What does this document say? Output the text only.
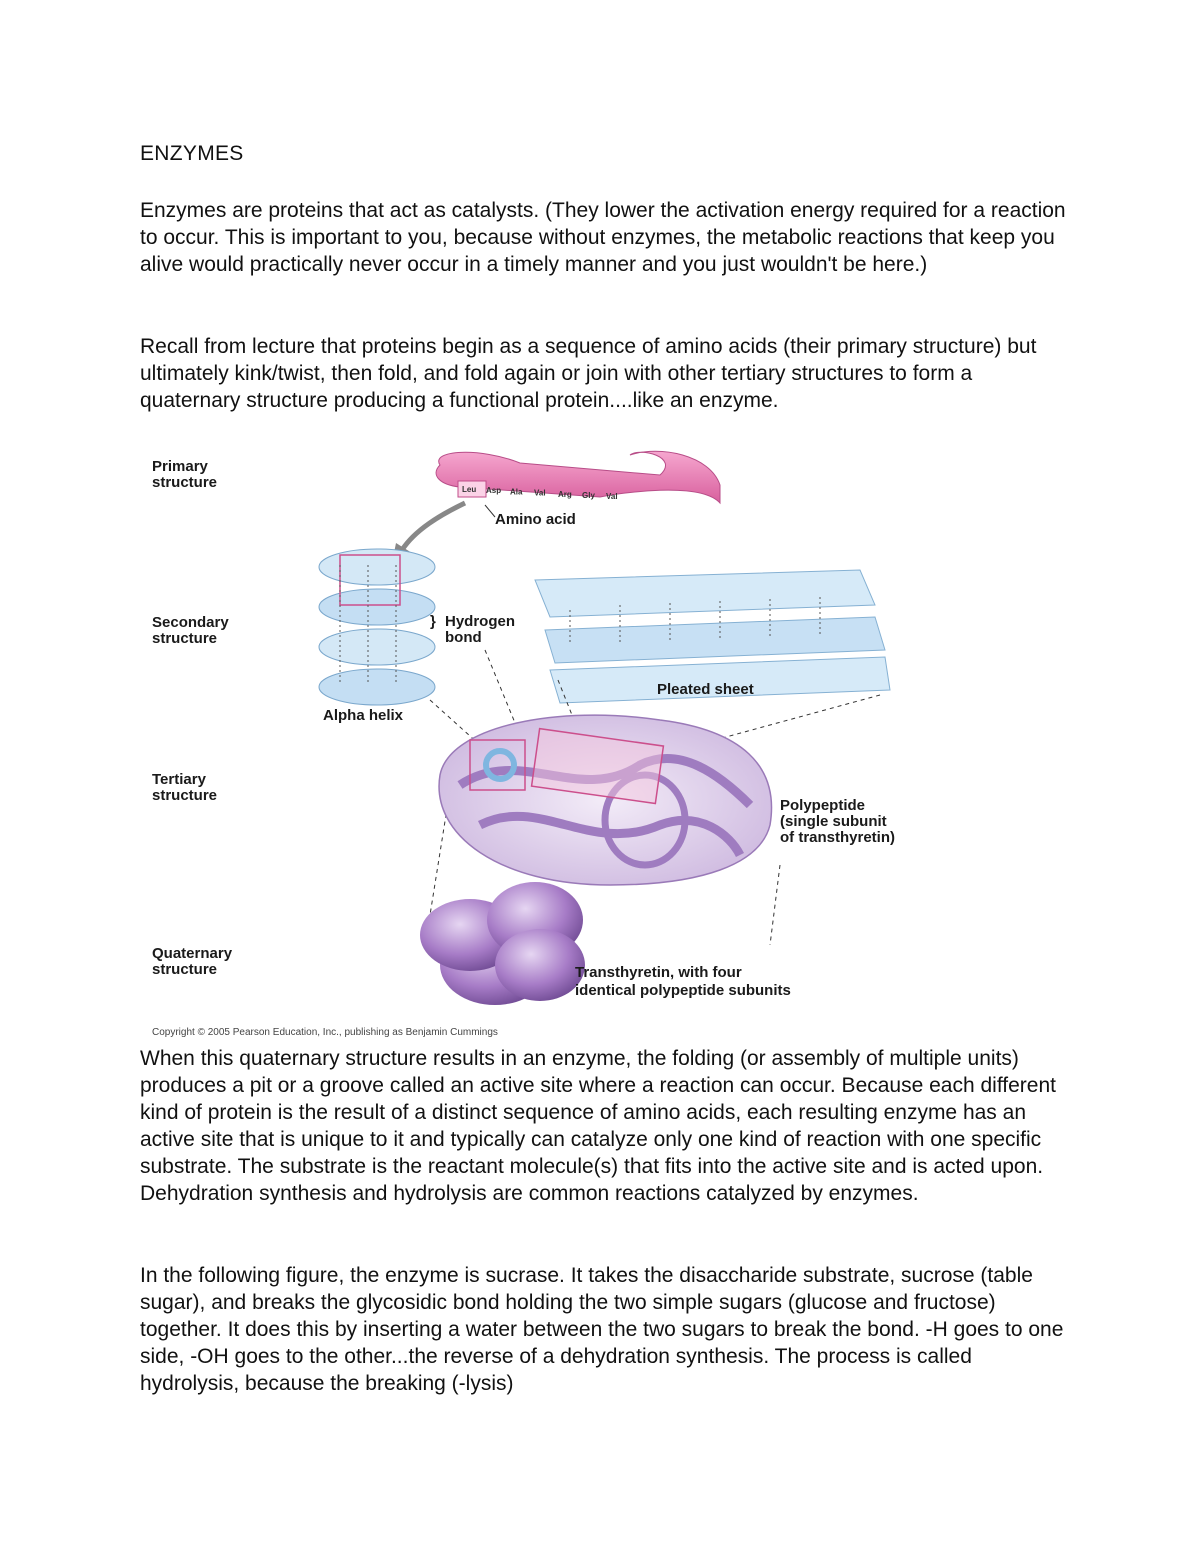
ENZYMES
Enzymes are proteins that act as catalysts. (They lower the activation energy required for a reaction to occur. This is important to you, because without enzymes, the metabolic reactions that keep you alive would practically never occur in a timely manner and you just wouldn't be here.)
Recall from lecture that proteins begin as a sequence of amino acids (their primary structure) but ultimately kink/twist, then fold, and fold again or join with other tertiary structures to form a quaternary structure producing a functional protein....like an enzyme.
Primary structure
Secondary structure
Tertiary structure
Quaternary structure
Leu Asp Ala Val Arg Gly Val
Amino acid
} Hydrogen bond
Alpha helix
Pleated sheet
Polypeptide (single subunit of transthyretin)
Transthyretin, with four identical polypeptide subunits
Copyright © 2005 Pearson Education, Inc., publishing as Benjamin Cummings
When this quaternary structure results in an enzyme, the folding (or assembly of multiple units) produces a pit or a groove called an active site where a reaction can occur. Because each different kind of protein is the result of a distinct sequence of amino acids, each resulting enzyme has an active site that is unique to it and typically can catalyze only one kind of reaction with one specific substrate. The substrate is the reactant molecule(s) that fits into the active site and is acted upon. Dehydration synthesis and hydrolysis are common reactions catalyzed by enzymes.
In the following figure, the enzyme is sucrase. It takes the disaccharide substrate, sucrose (table sugar), and breaks the glycosidic bond holding the two simple sugars (glucose and fructose) together. It does this by inserting a water between the two sugars to break the bond. -H goes to one side, -OH goes to the other...the reverse of a dehydration synthesis. The process is called hydrolysis, because the breaking (-lysis)
